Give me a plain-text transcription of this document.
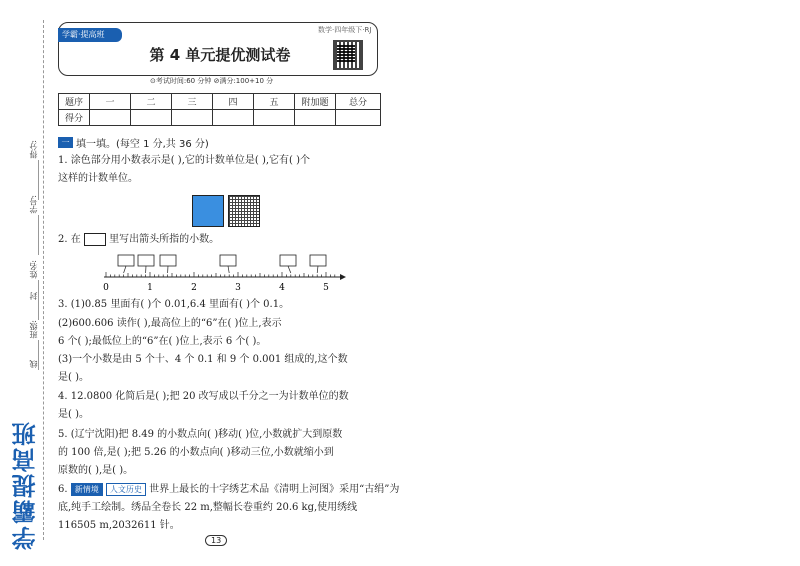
得分:
学号:
姓名:
封
班级:
线
学霸提高班
学霸·提高班	数学·四年级下·RJ
第 4 单元提优测试卷
⊙考试时间:60 分钟 ⊘满分:100+10 分
题序	一	二	三	四	五	附加题	总分
得分							
一 填一填。(每空 1 分,共 36 分)
1. 涂色部分用小数表示是( ),它的计数单位是( ),它有( )个
这样的计数单位。
2. 在	里写出箭头所指的小数。
0	1	2	3	4	5
3. (1)0.85 里面有( )个 0.01,6.4 里面有( )个 0.1。
(2)600.606 读作( ),最高位上的“6”在( )位上,表示
6 个( );最低位上的“6”在( )位上,表示 6 个( )。
(3)一个小数是由 5 个十、4 个 0.1 和 9 个 0.001 组成的,这个数
是( )。
4. 12.0800 化简后是( );把 20 改写成以千分之一为计数单位的数
是( )。
5. (辽宁沈阳)把 8.49 的小数点向( )移动( )位,小数就扩大到原数
的 100 倍,是( );把 5.26 的小数点向( )移动三位,小数就缩小到
原数的( ),是( )。
6. 新情境 人文历史 世界上最长的十字绣艺术品《清明上河图》采用“古绢”为
底,纯手工绘制。绣品全卷长 22 m,整幅长卷重约 20.6 kg,使用绣线
116505 m,2032611 针。
13
